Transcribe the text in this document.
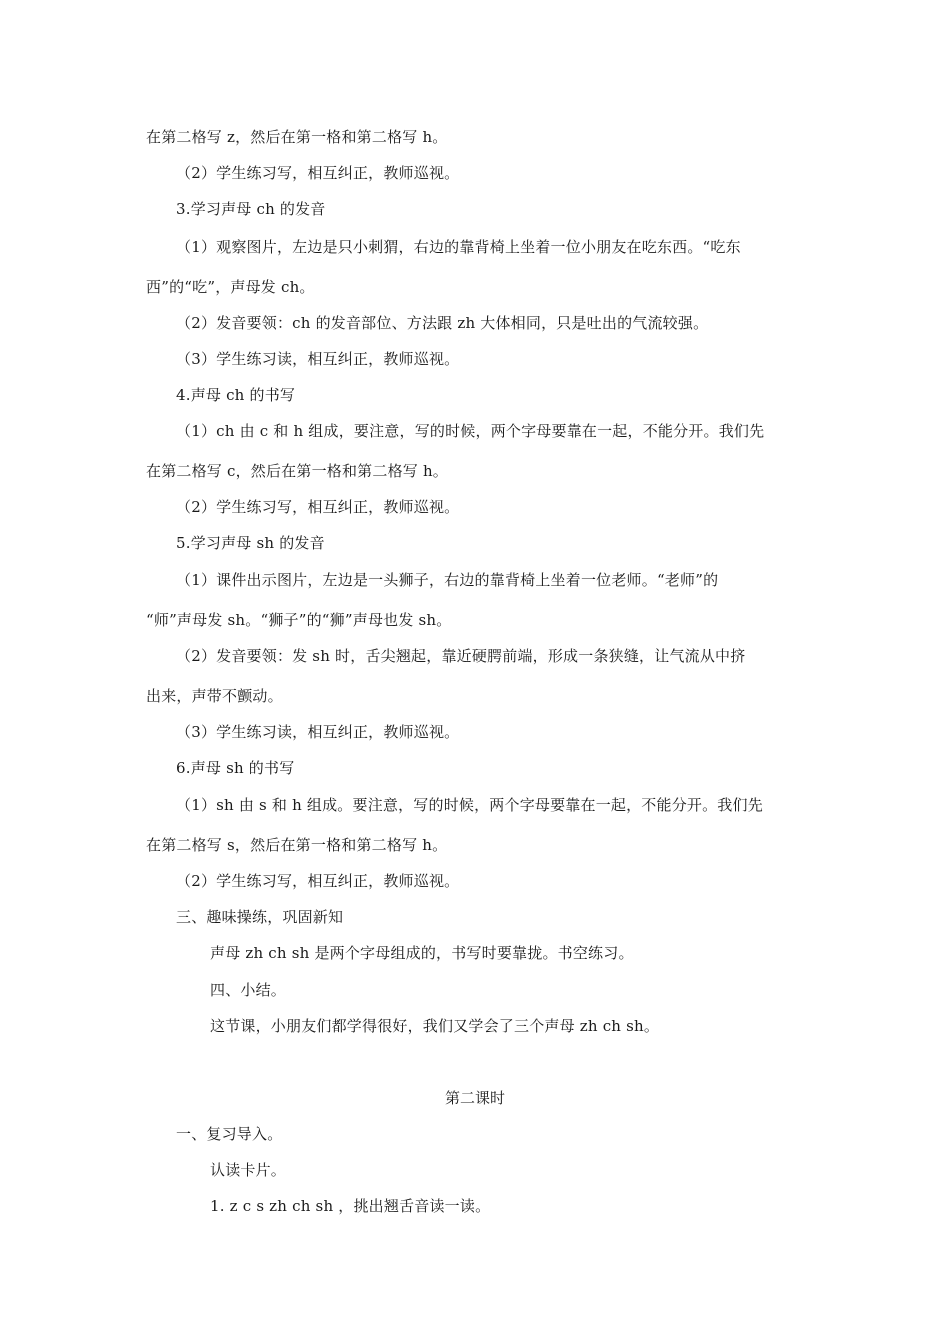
在第二格写 z，然后在第一格和第二格写 h。
（2）学生练习写，相互纠正，教师巡视。
3.学习声母 ch 的发音
（1）观察图片，左边是只小刺猬，右边的靠背椅上坐着一位小朋友在吃东西。“吃东
西”的“吃”，声母发 ch。
（2）发音要领：ch 的发音部位、方法跟 zh 大体相同，只是吐出的气流较强。
（3）学生练习读，相互纠正，教师巡视。
4.声母 ch 的书写
（1）ch 由 c 和 h 组成，要注意，写的时候，两个字母要靠在一起，不能分开。我们先
在第二格写 c，然后在第一格和第二格写 h。
（2）学生练习写，相互纠正，教师巡视。
5.学习声母 sh 的发音
（1）课件出示图片，左边是一头狮子，右边的靠背椅上坐着一位老师。“老师”的
“师”声母发 sh。“狮子”的“狮”声母也发 sh。
（2）发音要领：发 sh 时，舌尖翘起，靠近硬腭前端，形成一条狭缝，让气流从中挤
出来，声带不颤动。
（3）学生练习读，相互纠正，教师巡视。
6.声母 sh 的书写
（1）sh 由 s 和 h 组成。要注意，写的时候，两个字母要靠在一起，不能分开。我们先
在第二格写 s，然后在第一格和第二格写 h。
（2）学生练习写，相互纠正，教师巡视。
三、趣味操练，巩固新知
声母 zh ch sh 是两个字母组成的，书写时要靠拢。书空练习。
四、小结。
这节课，小朋友们都学得很好，我们又学会了三个声母 zh ch sh。
第二课时
一、复习导入。
认读卡片。
1. z c s zh ch sh ，挑出翘舌音读一读。
